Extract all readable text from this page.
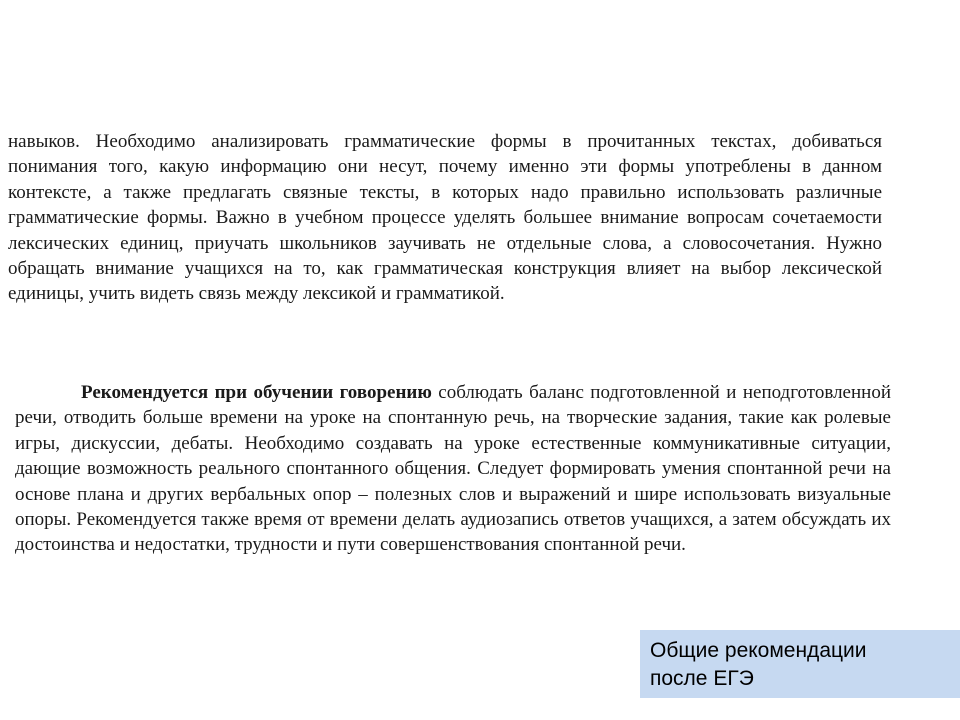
навыков. Необходимо анализировать грамматические формы в прочитанных текстах, добиваться понимания того, какую информацию они несут, почему именно эти формы употреблены в данном контексте, а также предлагать связные тексты, в которых надо правильно использовать различные грамматические формы. Важно в учебном процессе уделять большее внимание вопросам сочетаемости лексических единиц, приучать школьников заучивать не отдельные слова, а словосочетания. Нужно обращать внимание учащихся на то, как грамматическая конструкция влияет на выбор лексической единицы, учить видеть связь между лексикой и грамматикой.

Рекомендуется при обучении говорению соблюдать баланс подготовленной и неподготовленной речи, отводить больше времени на уроке на спонтанную речь, на творческие задания, такие как ролевые игры, дискуссии, дебаты. Необходимо создавать на уроке естественные коммуникативные ситуации, дающие возможность реального спонтанного общения. Следует формировать умения спонтанной речи на основе плана и других вербальных опор – полезных слов и выражений и шире использовать визуальные опоры. Рекомендуется также время от времени делать аудиозапись ответов учащихся, а затем обсуждать их достоинства и недостатки, трудности и пути совершенствования спонтанной речи.

Общие рекомендации
после ЕГЭ
